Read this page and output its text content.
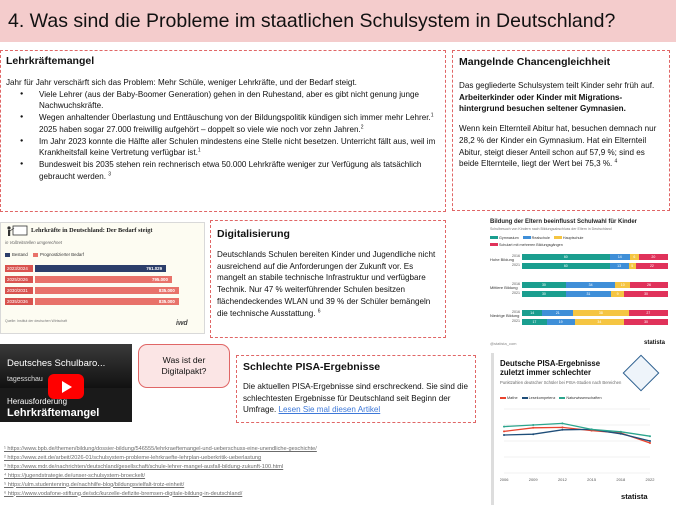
4. Was sind die Probleme im staatlichen Schulsystem in Deutschland?
Lehrkräftemangel
Jahr für Jahr verschärft sich das Problem: Mehr Schüle, weniger Lehrkräfte, und der Bedarf steigt.
● Viele Lehrer (aus der Baby-Boomer Generation) gehen in den Ruhestand, aber es gibt nicht genung junge Nachwuchskräfte.
● Wegen anhaltender Überlastung und Enttäuschung von der Bildungspolitik kündigen sich immer mehr Lehrer.$^1$ 2025 haben sogar 27.000 freiwillig aufgehört – doppelt so viele wie noch vor zehn Jahren.$^2$
● Im Jahr 2023 konnte die Hälfte aller Schulen mindestens eine Stelle nicht besetzen. Unterricht fällt aus, weil im Krankheitsfall keine Vertretung verfügbar ist.$^1$
● Bundesweit bis 2035 stehen rein rechnerisch etwa 50.000 Lehrkräfte weniger zur Verfügung als tatsächlich gebraucht werden. $^3$
Mangelnde Chancengleichheit
Das gegliederte Schulsystem teilt Kinder sehr früh auf. Arbeiterkinder oder Kinder mit Migrations- hintergrund besuchen seltener Gymnasien.
Wenn kein Elternteil Abitur hat, besuchen demnach nur 28,2 % der Kinder ein Gymnasium. Hat ein Elternteil Abitur, steigt dieser Anteil schon auf 57,9 %; sind es beide Elternteile, liegt der Wert bei 75,3 %. $^4$
Lehrkräfte in Deutschland: Der Bedarf steigt
in Vollzeitstellen umgerechnet
Bestand	Prognostizierter Bedarf
2023/2024	761.029
2025/2026	795.000
2030/2031	835.000
2035/2036	835.000
Quelle: Institut der deutschen Wirtschaft	iwd
Digitalisierung
Deutschlands Schulen bereiten Kinder und Jugendliche nicht ausreichend auf die Anforderungen der Zukunft vor. Es mangelt an stabile technische Infrastruktur und verfügbare Technik. Nur 47 % weiterführender Schulen besitzen flächendeckendes WLAN und 39 % der Schüler bemängeln die technische Ausstattung. $^6$
Bildung der Eltern beeinflusst Schulwahl für Kinder
Schulbesuch von Kindern nach Bildungsabschluss der Eltern in Deutschland
Gymnasium	Realschule	Hauptschule
Schulart mit mehreren Bildungsgängen
Hohe Bildung
2016	60	14	6	20
2021	60	13	5	22
Mittlere Bildung
2016	30	34	10	26
2021	30	31	9	30
Niedrige Bildung
2016	14	21	38	27
2021	17	19	34	30
@statista_com	statista
Deutsches Schulbaro...
tagesschau
Herausforderung
Lehrkräftemangel
Was ist der Digitalpakt?	Schlechte PISA-Ergebnisse
Die aktuellen PISA-Ergebnisse sind erschreckend. Sie sind die schlechtesten Ergebnisse für Deutschland seit Beginn der Umfrage. Lesen Sie mal diesen Artikel
Deutsche PISA-Ergebnisse
zuletzt immer schlechter
Punktzahlen deutscher Schüler bei PISA-Studien nach Bereichen
Mathe	Lesekompetenz	Naturwissenschaften
2006	2009	2012	2015	2018	2022
statista
¹ https://www.bpb.de/themen/bildung/dossier-bildung/546555/lehrkraeftemangel-und-ueberschuss-eine-unendliche-geschichte/
² https://www.zeit.de/arbeit/2026-01/schulsystem-probleme-lehrkraefte-lehrplan-ueberkritik-ueberlastung
³ https://www.mdr.de/nachrichten/deutschland/gesellschaft/schule-lehrer-mangel-ausfall-bildung-zukunft-100.html
⁴ https://jugendstrategie.de/unser-schulsystem-broeckelt/
⁵ https://ulm.studentenring.de/nachhilfe-blog/bildungsvielfalt-trotz-einheit/
⁶ https://www.vodafone-stiftung.de/sdc/kurzelle-defizite-bremsen-digitale-bildung-in-deutschland/
